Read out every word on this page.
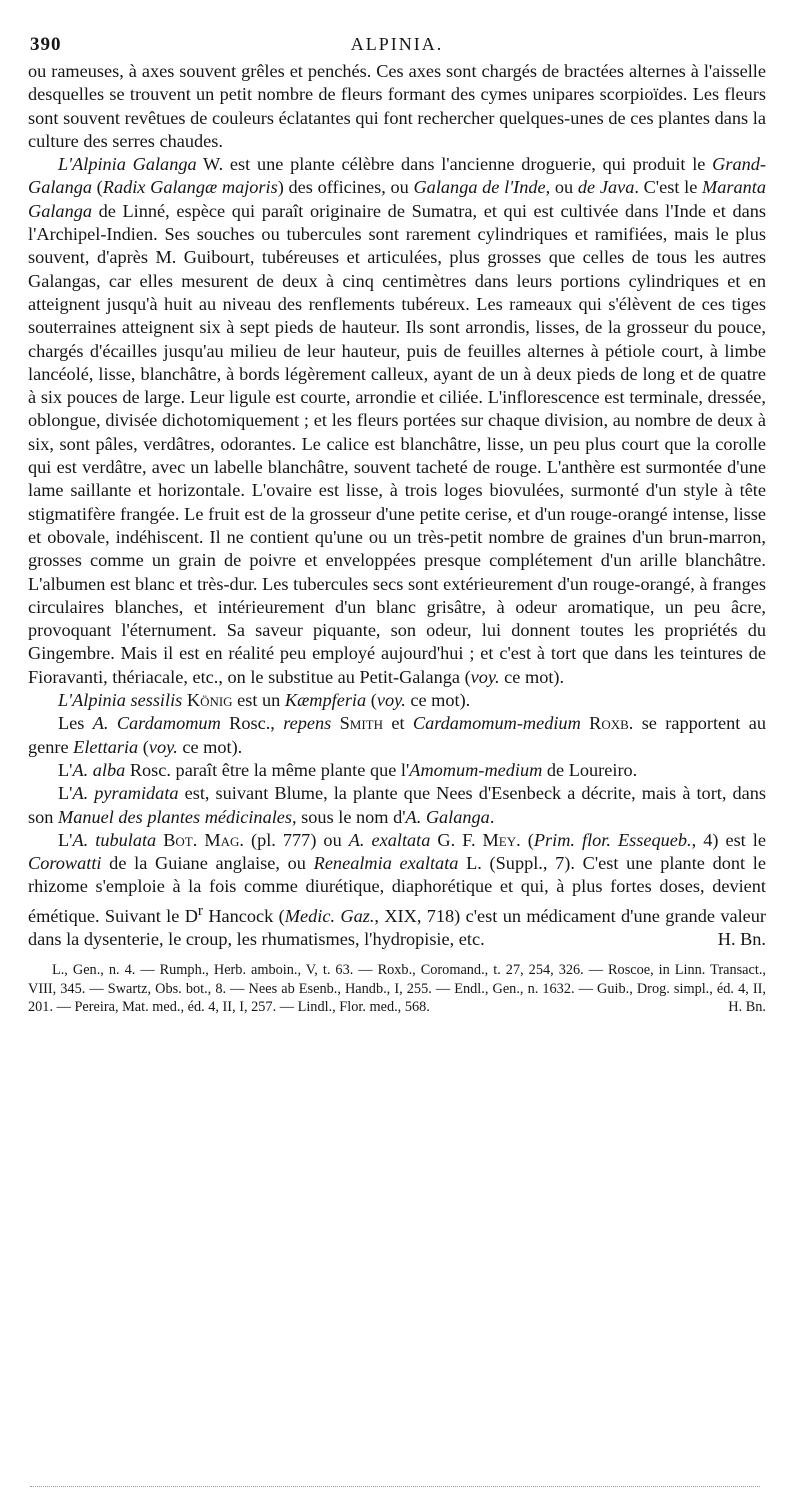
390	ALPINIA.

ou rameuses, à axes souvent grêles et penchés. Ces axes sont chargés de bractées alternes à l'aisselle desquelles se trouvent un petit nombre de fleurs formant des cymes unipares scorpioïdes. Les fleurs sont souvent revêtues de couleurs éclatantes qui font rechercher quelques-unes de ces plantes dans la culture des serres chaudes.

L'Alpinia Galanga W. est une plante célèbre dans l'ancienne droguerie, qui produit le Grand-Galanga (Radix Galangæ majoris) des officines, ou Galanga de l'Inde, ou de Java. C'est le Maranta Galanga de Linné, espèce qui paraît originaire de Sumatra, et qui est cultivée dans l'Inde et dans l'Archipel-Indien. Ses souches ou tubercules sont rarement cylindriques et ramifiées, mais le plus souvent, d'après M. Guibourt, tubéreuses et articulées, plus grosses que celles de tous les autres Galangas, car elles mesurent de deux à cinq centimètres dans leurs portions cylindriques et en atteignent jusqu'à huit au niveau des renflements tubéreux. Les rameaux qui s'élèvent de ces tiges souterraines atteignent six à sept pieds de hauteur. Ils sont arrondis, lisses, de la grosseur du pouce, chargés d'écailles jusqu'au milieu de leur hauteur, puis de feuilles alternes à pétiole court, à limbe lancéolé, lisse, blanchâtre, à bords légèrement calleux, ayant de un à deux pieds de long et de quatre à six pouces de large. Leur ligule est courte, arrondie et ciliée. L'inflorescence est terminale, dressée, oblongue, divisée dichotomiquement ; et les fleurs portées sur chaque division, au nombre de deux à six, sont pâles, verdâtres, odorantes. Le calice est blanchâtre, lisse, un peu plus court que la corolle qui est verdâtre, avec un labelle blanchâtre, souvent tacheté de rouge. L'anthère est surmontée d'une lame saillante et horizontale. L'ovaire est lisse, à trois loges biovulées, surmonté d'un style à tête stigmatifère frangée. Le fruit est de la grosseur d'une petite cerise, et d'un rouge-orangé intense, lisse et obovale, indéhiscent. Il ne contient qu'une ou un très-petit nombre de graines d'un brun-marron, grosses comme un grain de poivre et enveloppées presque complétement d'un arille blanchâtre. L'albumen est blanc et très-dur. Les tubercules secs sont extérieurement d'un rouge-orangé, à franges circulaires blanches, et intérieurement d'un blanc grisâtre, à odeur aromatique, un peu âcre, provoquant l'éternument. Sa saveur piquante, son odeur, lui donnent toutes les propriétés du Gingembre. Mais il est en réalité peu employé aujourd'hui ; et c'est à tort que dans les teintures de Fioravanti, thériacale, etc., on le substitue au Petit-Galanga (voy. ce mot).

L'Alpinia sessilis König est un Kæmpferia (voy. ce mot).

Les A. Cardamomum Rosc., repens Smith et Cardamomum-medium Roxb. se rapportent au genre Elettaria (voy. ce mot).

L'A. alba Rosc. paraît être la même plante que l'Amomum-medium de Loureiro.

L'A. pyramidata est, suivant Blume, la plante que Nees d'Esenbeck a décrite, mais à tort, dans son Manuel des plantes médicinales, sous le nom d'A. Galanga.

L'A. tubulata Bot. Mag. (pl. 777) ou A. exaltata G. F. Mey. (Prim. flor. Essequeb., 4) est le Corowatti de la Guiane anglaise, ou Renealmia exaltata L. (Suppl., 7). C'est une plante dont le rhizome s'emploie à la fois comme diurétique, diaphorétique et qui, à plus fortes doses, devient émétique. Suivant le $D^r$ Hancock (Medic. Gaz., XIX, 718) c'est un médicament d'une grande valeur dans la dysenterie, le croup, les rhumatismes, l'hydropisie, etc.	H. Bn.

L., Gen., n. 4. — Rumph., Herb. amboin., V, t. 63. — Roxb., Coromand., t. 27, 254, 326. — Roscoe, in Linn. Transact., VIII, 345. — Swartz, Obs. bot., 8. — Nees ab Esenb., Handb., I, 255. — Endl., Gen., n. 1632. — Guib., Drog. simpl., éd. 4, II, 201. — Pereira, Mat. med., éd. 4, II, I, 257. — Lindl., Flor. med., 568.	H. Bn.
